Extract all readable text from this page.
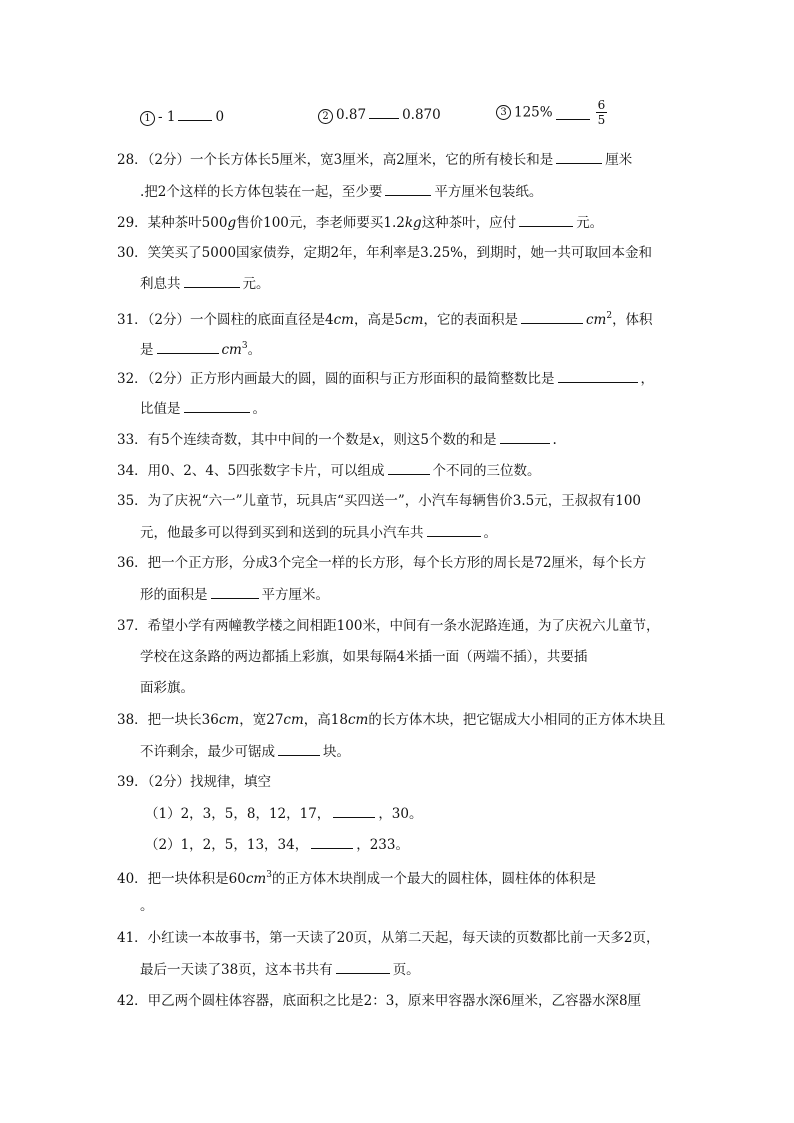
1 - 1	0	2 0.87	0.870	3 125%	$\frac{6}{5}$
28．（2分）一个长方体长5厘米，宽3厘米，高2厘米，它的所有棱长和是	厘米
.把2个这样的长方体包装在一起，至少要	平方厘米包装纸。
29．某种茶叶500g售价100元，李老师要买1.2kg这种茶叶，应付	元。
30．笑笑买了5000国家债券，定期2年，年利率是3.25%，到期时，她一共可取回本金和
利息共	元。
31．（2分）一个圆柱的底面直径是4cm，高是5cm，它的表面积是	$cm^2$，体积
是	$cm^3$。
32．（2分）正方形内画最大的圆，圆的面积与正方形面积的最简整数比是	，
比值是	。
33．有5个连续奇数，其中中间的一个数是x，则这5个数的和是	.
34．用0、2、4、5四张数字卡片，可以组成	个不同的三位数。
35．为了庆祝“六一”儿童节，玩具店“买四送一”，小汽车每辆售价3.5元，王叔叔有100
元，他最多可以得到买到和送到的玩具小汽车共	。
36．把一个正方形，分成3个完全一样的长方形，每个长方形的周长是72厘米，每个长方
形的面积是	平方厘米。
37．希望小学有两幢教学楼之间相距100米，中间有一条水泥路连通，为了庆祝六儿童节，
学校在这条路的两边都插上彩旗，如果每隔4米插一面（两端不插），共要插
面彩旗。
38．把一块长36cm，宽27cm，高18cm的长方体木块，把它锯成大小相同的正方体木块且
不许剩余，最少可锯成	块。
39．（2分）找规律，填空
（1）2，3，5，8，12，17，	，30。
（2）1，2，5，13，34，	，233。
40．把一块体积是$60cm^3$的正方体木块削成一个最大的圆柱体，圆柱体的体积是
。
41．小红读一本故事书，第一天读了20页，从第二天起，每天读的页数都比前一天多2页，
最后一天读了38页，这本书共有	页。
42．甲乙两个圆柱体容器，底面积之比是2：3，原来甲容器水深6厘米，乙容器水深8厘
